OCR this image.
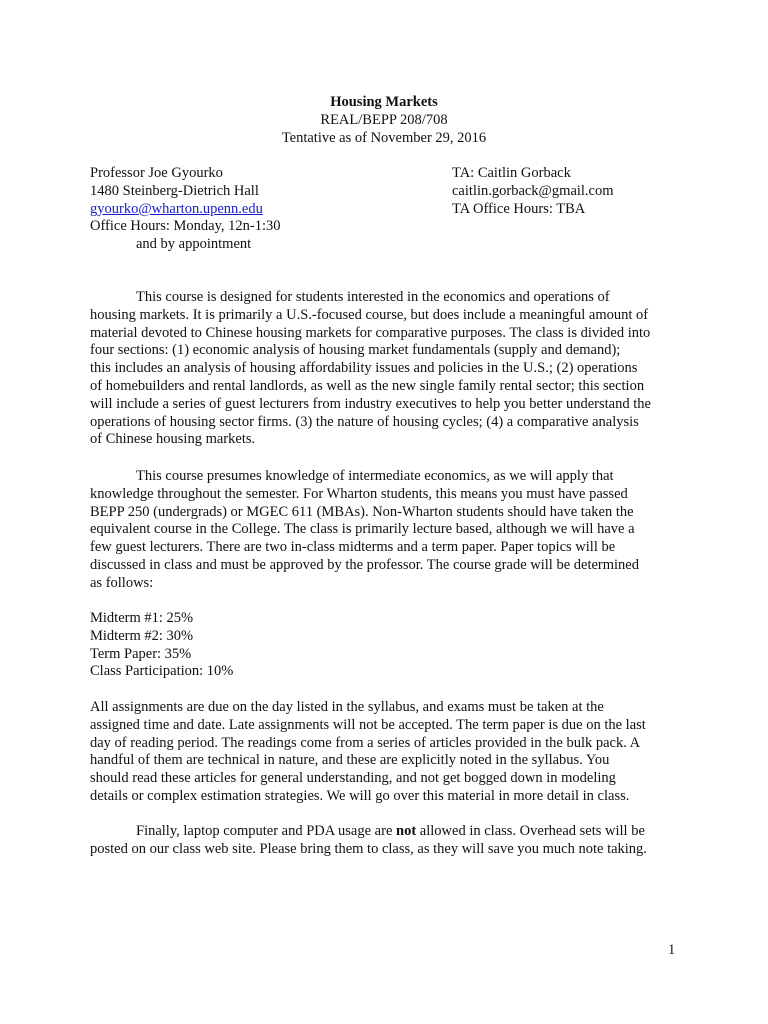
Housing Markets
REAL/BEPP 208/708
Tentative as of November 29, 2016
Professor Joe Gyourko
1480 Steinberg-Dietrich Hall
gyourko@wharton.upenn.edu
Office Hours: Monday, 12n-1:30
and by appointment
TA: Caitlin Gorback
caitlin.gorback@gmail.com
TA Office Hours: TBA
This course is designed for students interested in the economics and operations of
housing markets. It is primarily a U.S.-focused course, but does include a meaningful amount of
material devoted to Chinese housing markets for comparative purposes. The class is divided into
four sections: (1) economic analysis of housing market fundamentals (supply and demand);
this includes an analysis of housing affordability issues and policies in the U.S.; (2) operations
of homebuilders and rental landlords, as well as the new single family rental sector; this section
will include a series of guest lecturers from industry executives to help you better understand the
operations of housing sector firms. (3) the nature of housing cycles; (4) a comparative analysis
of Chinese housing markets.
This course presumes knowledge of intermediate economics, as we will apply that
knowledge throughout the semester. For Wharton students, this means you must have passed
BEPP 250 (undergrads) or MGEC 611 (MBAs). Non-Wharton students should have taken the
equivalent course in the College. The class is primarily lecture based, although we will have a
few guest lecturers. There are two in-class midterms and a term paper. Paper topics will be
discussed in class and must be approved by the professor. The course grade will be determined
as follows:
Midterm #1: 25%
Midterm #2: 30%
Term Paper: 35%
Class Participation: 10%
All assignments are due on the day listed in the syllabus, and exams must be taken at the
assigned time and date. Late assignments will not be accepted. The term paper is due on the last
day of reading period. The readings come from a series of articles provided in the bulk pack. A
handful of them are technical in nature, and these are explicitly noted in the syllabus. You
should read these articles for general understanding, and not get bogged down in modeling
details or complex estimation strategies. We will go over this material in more detail in class.
Finally, laptop computer and PDA usage are not allowed in class. Overhead sets will be
posted on our class web site. Please bring them to class, as they will save you much note taking.
1
